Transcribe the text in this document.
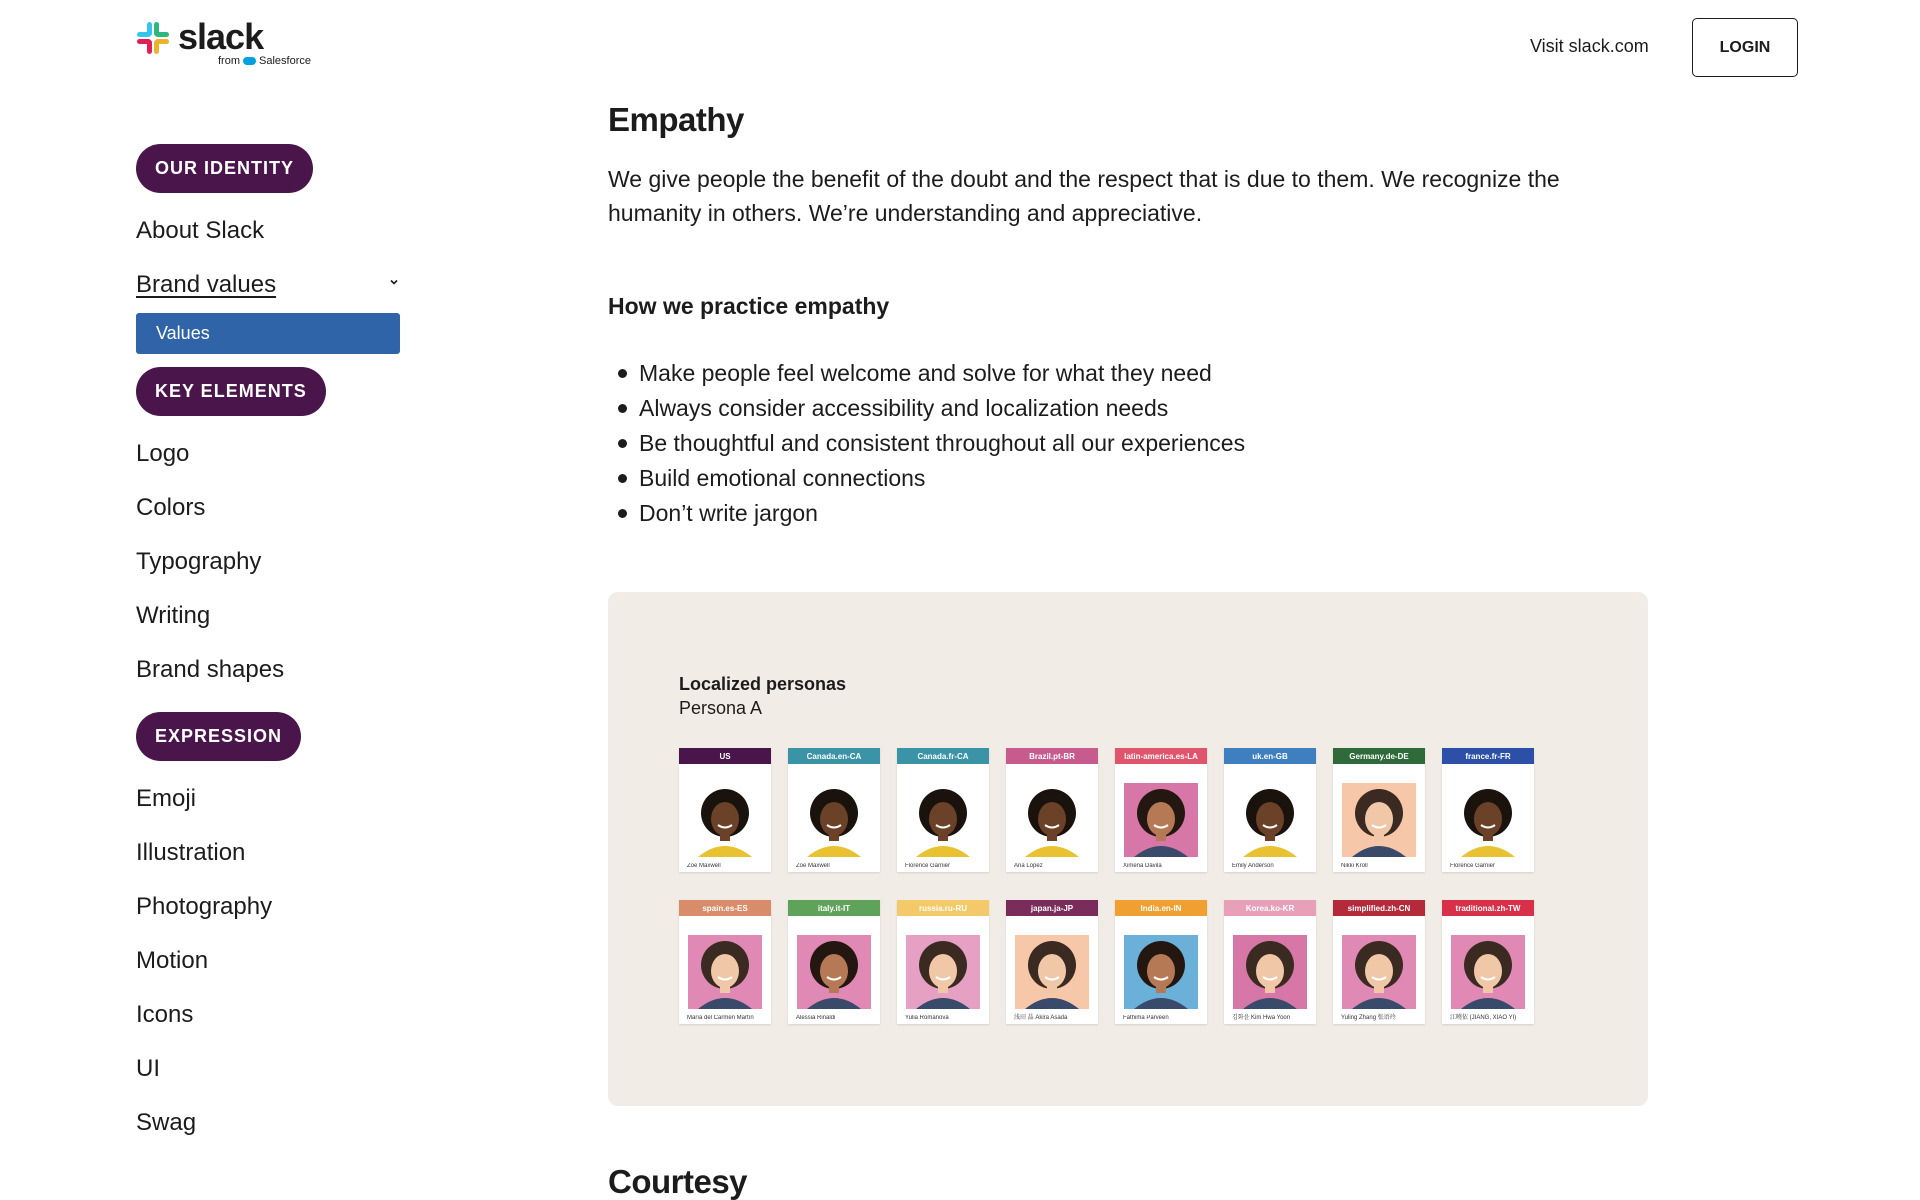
slack
from Salesforce
Visit slack.com	LOGIN
OUR IDENTITY
About Slack
Brand values
Values
KEY ELEMENTS
Logo
Colors
Typography
Writing
Brand shapes
EXPRESSION
Emoji
Illustration
Photography
Motion
Icons
UI
Swag
Empathy

We give people the benefit of the doubt and the respect that is due to them. We recognize the humanity in others. We’re understanding and appreciative.

How we practice empathy
Make people feel welcome and solve for what they need
Always consider accessibility and localization needs
Be thoughtful and consistent throughout all our experiences
Build emotional connections
Don’t write jargon
Localized personas
Persona A
US
Zoe Maxwell
Canada.en-CA
Zoe Maxwell
Canada.fr-CA
Florence Garnier
Brazil.pt-BR
Ana Lopez
latin-america.es-LA
Ximena Dávila
uk.en-GB
Emily Anderson
Germany.de-DE
Nikki Kroll
france.fr-FR
Florence Garnier
spain.es-ES
María del Carmen Martín
italy.it-IT
Alessia Rinaldi
russia.ru-RU
Yulia Romanova
japan.ja-JP
浅田 晶 Akira Asada
India.en-IN
Fathima Parveen
Korea.ko-KR
김화윤 Kim Hwa Yoon
simplified.zh-CN
Yuling Zhang 张语玲
traditional.zh-TW
江曉依 (JIANG, XIAO YI)
Courtesy
